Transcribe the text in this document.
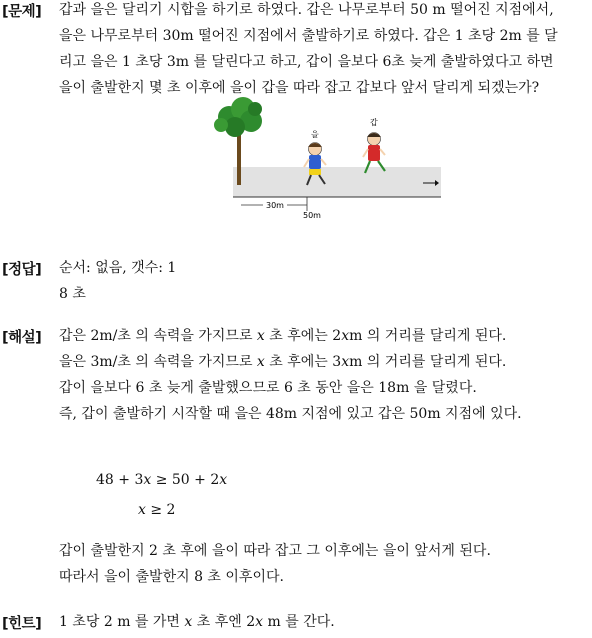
[문제] 갑과 을은 달리기 시합을 하기로 하였다. 갑은 나무로부터 50 m 떨어진 지점에서,
을은 나무로부터 30m 떨어진 지점에서 출발하기로 하였다. 갑은 1 초당 2m 를 달
리고 을은 1 초당 3m 를 달린다고 하고, 갑이 을보다 6초 늦게 출발하였다고 하면
을이 출발한지 몇 초 이후에 을이 갑을 따라 잡고 갑보다 앞서 달리게 되겠는가?
을
갑
30m
50m
[정답] 순서: 없음, 갯수: 1
8 초
[해설] 갑은 2m/초 의 속력을 가지므로 x 초 후에는 2xm 의 거리를 달리게 된다.
을은 3m/초 의 속력을 가지므로 x 초 후에는 3xm 의 거리를 달리게 된다.
갑이 을보다 6 초 늦게 출발했으므로 6 초 동안 을은 18m 을 달렸다.
즉, 갑이 출발하기 시작할 때 을은 48m 지점에 있고 갑은 50m 지점에 있다.
48 + 3x ≥ 50 + 2x
x ≥ 2
갑이 출발한지 2 초 후에 을이 따라 잡고 그 이후에는 을이 앞서게 된다.
따라서 을이 출발한지 8 초 이후이다.
[힌트] 1 초당 2 m 를 가면 x 초 후엔 2x m 를 간다.
